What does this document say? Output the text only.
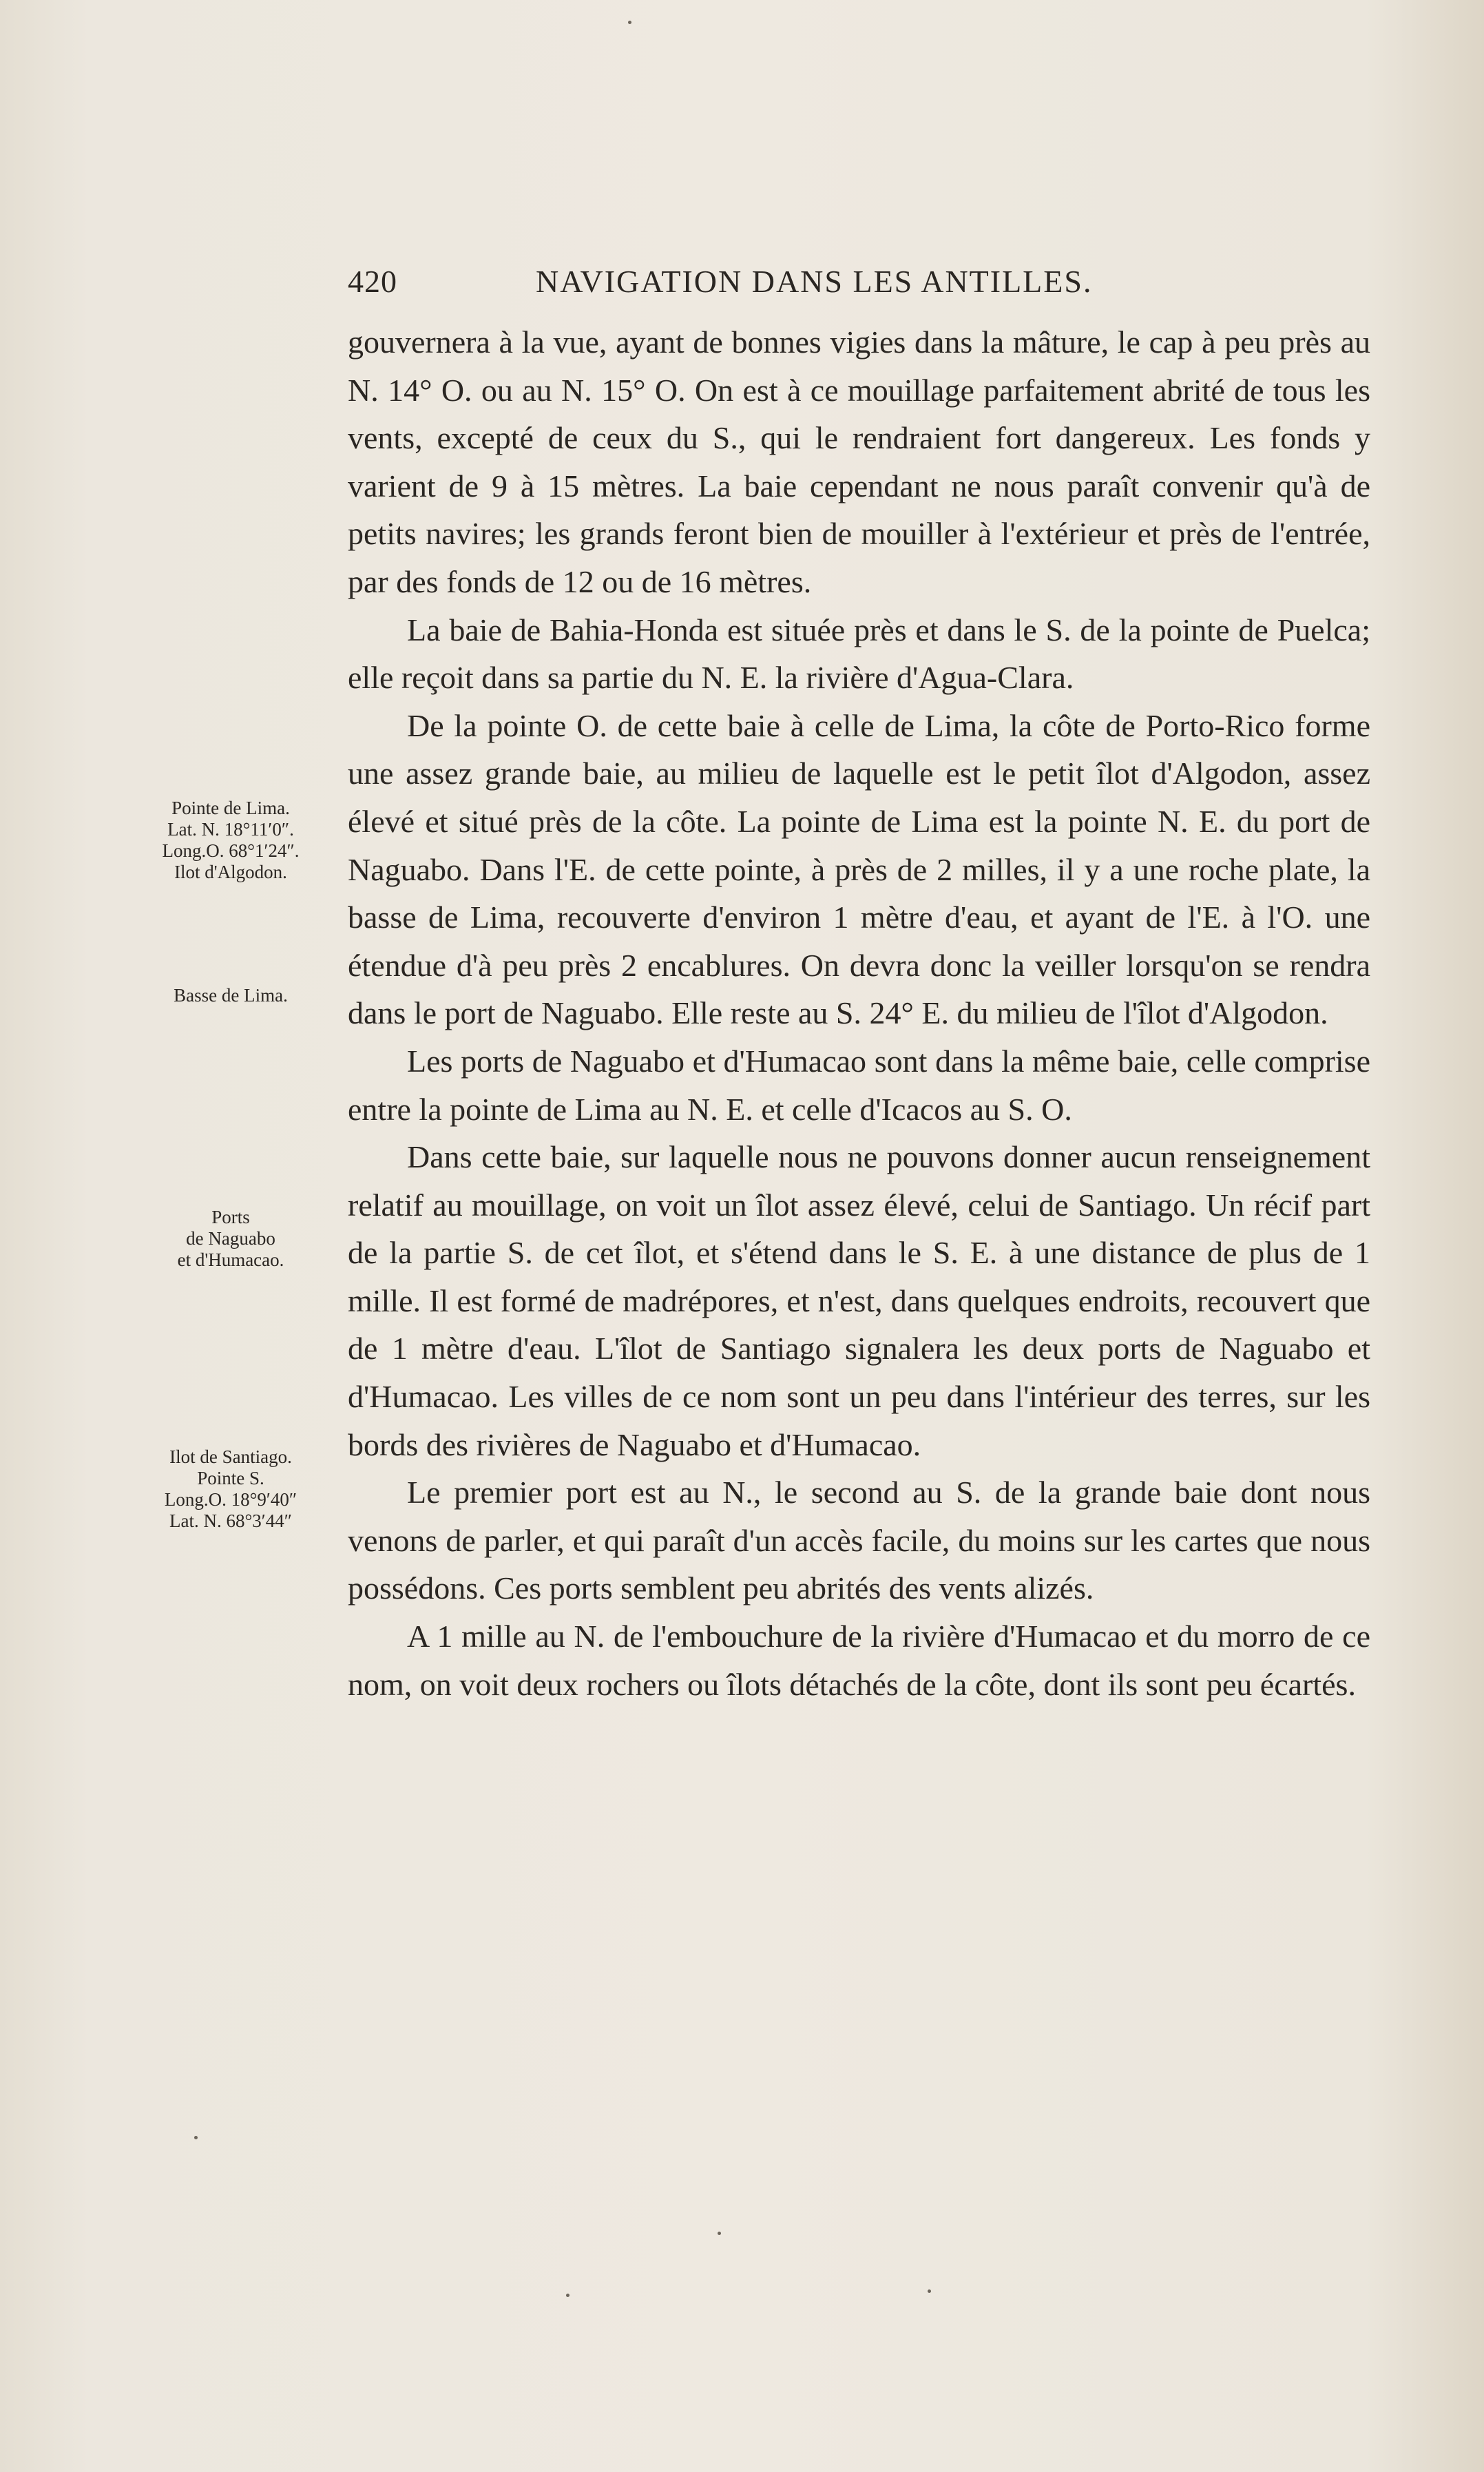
420	NAVIGATION DANS LES ANTILLES.

gouvernera à la vue, ayant de bonnes vigies dans la mâture, le cap à peu près au N. 14° O. ou au N. 15° O. On est à ce mouillage parfaitement abrité de tous les vents, excepté de ceux du S., qui le rendraient fort dangereux. Les fonds y varient de 9 à 15 mètres. La baie cependant ne nous paraît convenir qu'à de petits navires; les grands feront bien de mouiller à l'extérieur et près de l'entrée, par des fonds de 12 ou de 16 mètres.

La baie de Bahia-Honda est située près et dans le S. de la pointe de Puelca; elle reçoit dans sa partie du N. E. la rivière d'Agua-Clara.

De la pointe O. de cette baie à celle de Lima, la côte de Porto-Rico forme une assez grande baie, au milieu de laquelle est le petit îlot d'Algodon, assez élevé et situé près de la côte. La pointe de Lima est la pointe N. E. du port de Naguabo. Dans l'E. de cette pointe, à près de 2 milles, il y a une roche plate, la basse de Lima, recouverte d'environ 1 mètre d'eau, et ayant de l'E. à l'O. une étendue d'à peu près 2 encablures. On devra donc la veiller lorsqu'on se rendra dans le port de Naguabo. Elle reste au S. 24° E. du milieu de l'îlot d'Algodon.

Les ports de Naguabo et d'Humacao sont dans la même baie, celle comprise entre la pointe de Lima au N. E. et celle d'Icacos au S. O.

Dans cette baie, sur laquelle nous ne pouvons donner aucun renseignement relatif au mouillage, on voit un îlot assez élevé, celui de Santiago. Un récif part de la partie S. de cet îlot, et s'étend dans le S. E. à une distance de plus de 1 mille. Il est formé de madrépores, et n'est, dans quelques endroits, recouvert que de 1 mètre d'eau. L'îlot de Santiago signalera les deux ports de Naguabo et d'Humacao. Les villes de ce nom sont un peu dans l'intérieur des terres, sur les bords des rivières de Naguabo et d'Humacao.

Le premier port est au N., le second au S. de la grande baie dont nous venons de parler, et qui paraît d'un accès facile, du moins sur les cartes que nous possédons. Ces ports semblent peu abrités des vents alizés.

A 1 mille au N. de l'embouchure de la rivière d'Humacao et du morro de ce nom, on voit deux rochers ou îlots détachés de la côte, dont ils sont peu écartés.

Pointe de Lima.
Lat. N. 18°11′0″.
Long.O. 68°1′24″.
Ilot d'Algodon.
Basse de Lima.
Ports
de Naguabo
et d'Humacao.
Ilot de Santiago.
Pointe S.
Long.O. 18°9′40″
Lat. N. 68°3′44″
